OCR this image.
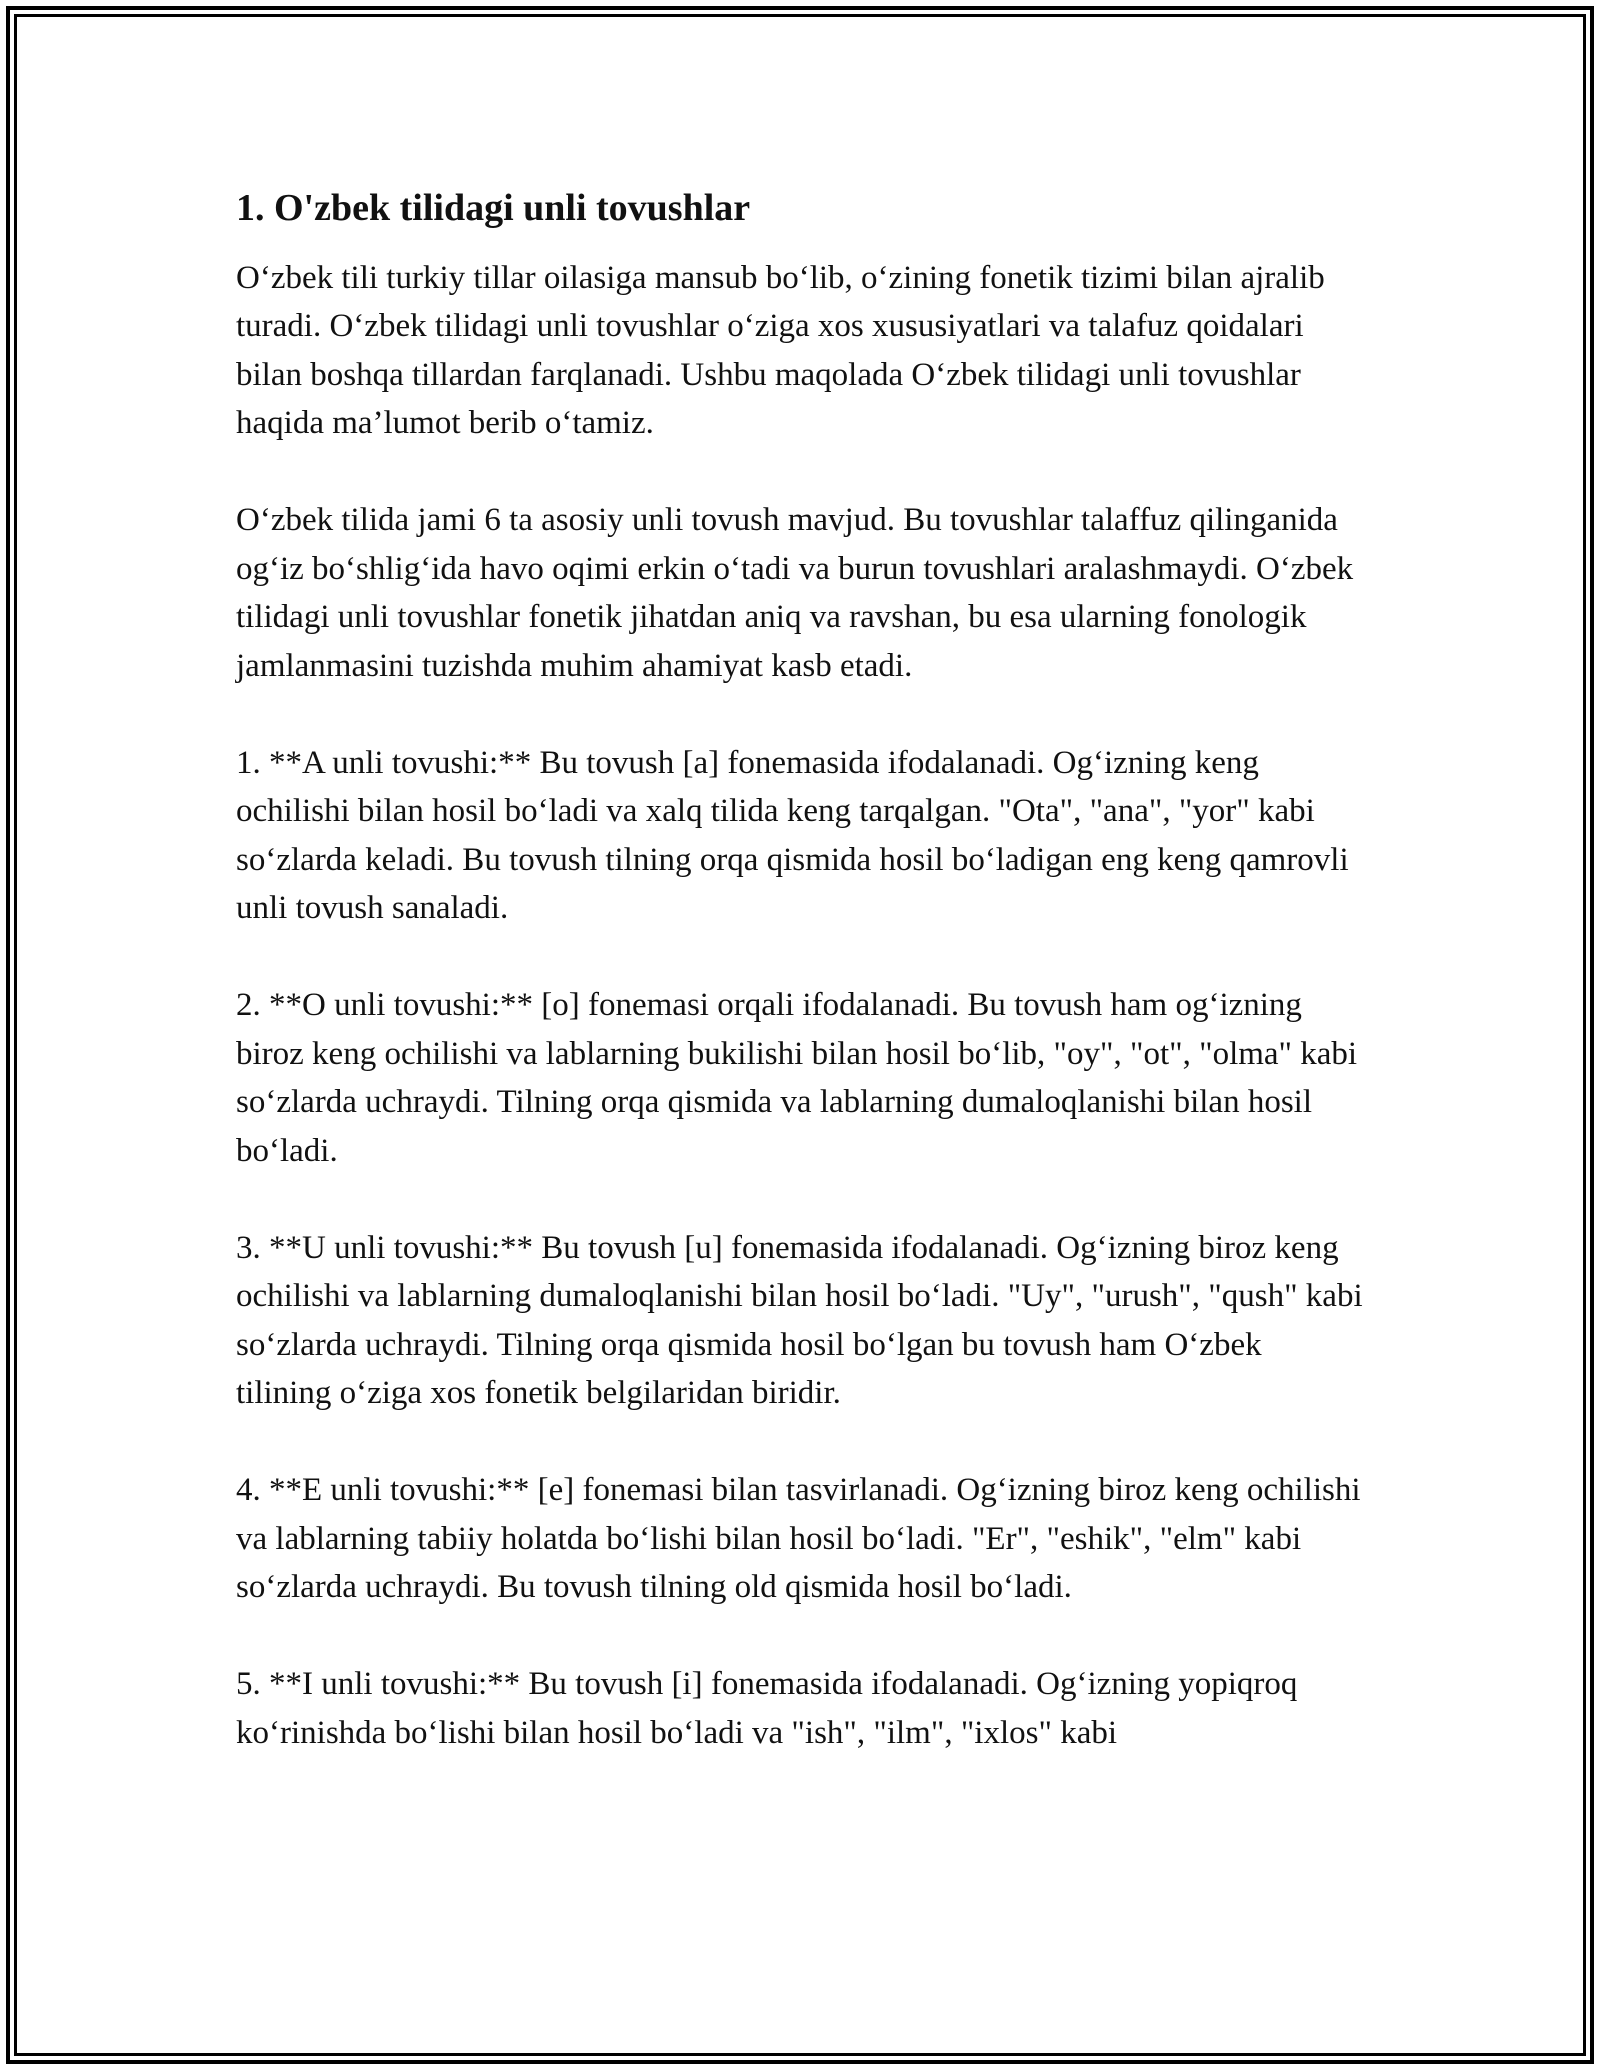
1. O'zbek tilidagi unli tovushlar

O‘zbek tili turkiy tillar oilasiga mansub bo‘lib, o‘zining fonetik tizimi bilan ajralib turadi. O‘zbek tilidagi unli tovushlar o‘ziga xos xususiyatlari va talafuz qoidalari bilan boshqa tillardan farqlanadi. Ushbu maqolada O‘zbek tilidagi unli tovushlar haqida ma’lumot berib o‘tamiz.

O‘zbek tilida jami 6 ta asosiy unli tovush mavjud. Bu tovushlar talaffuz qilinganida og‘iz bo‘shlig‘ida havo oqimi erkin o‘tadi va burun tovushlari aralashmaydi. O‘zbek tilidagi unli tovushlar fonetik jihatdan aniq va ravshan, bu esa ularning fonologik jamlanmasini tuzishda muhim ahamiyat kasb etadi.

1. **A unli tovushi:** Bu tovush [a] fonemasida ifodalanadi. Og‘izning keng ochilishi bilan hosil bo‘ladi va xalq tilida keng tarqalgan. "Ota", "ana", "yor" kabi so‘zlarda keladi. Bu tovush tilning orqa qismida hosil bo‘ladigan eng keng qamrovli unli tovush sanaladi.

2. **O unli tovushi:** [o] fonemasi orqali ifodalanadi. Bu tovush ham og‘izning biroz keng ochilishi va lablarning bukilishi bilan hosil bo‘lib, "oy", "ot", "olma" kabi so‘zlarda uchraydi. Tilning orqa qismida va lablarning dumaloqlanishi bilan hosil bo‘ladi.

3. **U unli tovushi:** Bu tovush [u] fonemasida ifodalanadi. Og‘izning biroz keng ochilishi va lablarning dumaloqlanishi bilan hosil bo‘ladi. "Uy", "urush", "qush" kabi so‘zlarda uchraydi. Tilning orqa qismida hosil bo‘lgan bu tovush ham O‘zbek tilining o‘ziga xos fonetik belgilaridan biridir.

4. **E unli tovushi:** [e] fonemasi bilan tasvirlanadi. Og‘izning biroz keng ochilishi va lablarning tabiiy holatda bo‘lishi bilan hosil bo‘ladi. "Er", "eshik", "elm" kabi so‘zlarda uchraydi. Bu tovush tilning old qismida hosil bo‘ladi.

5. **I unli tovushi:** Bu tovush [i] fonemasida ifodalanadi. Og‘izning yopiqroq ko‘rinishda bo‘lishi bilan hosil bo‘ladi va "ish", "ilm", "ixlos" kabi
